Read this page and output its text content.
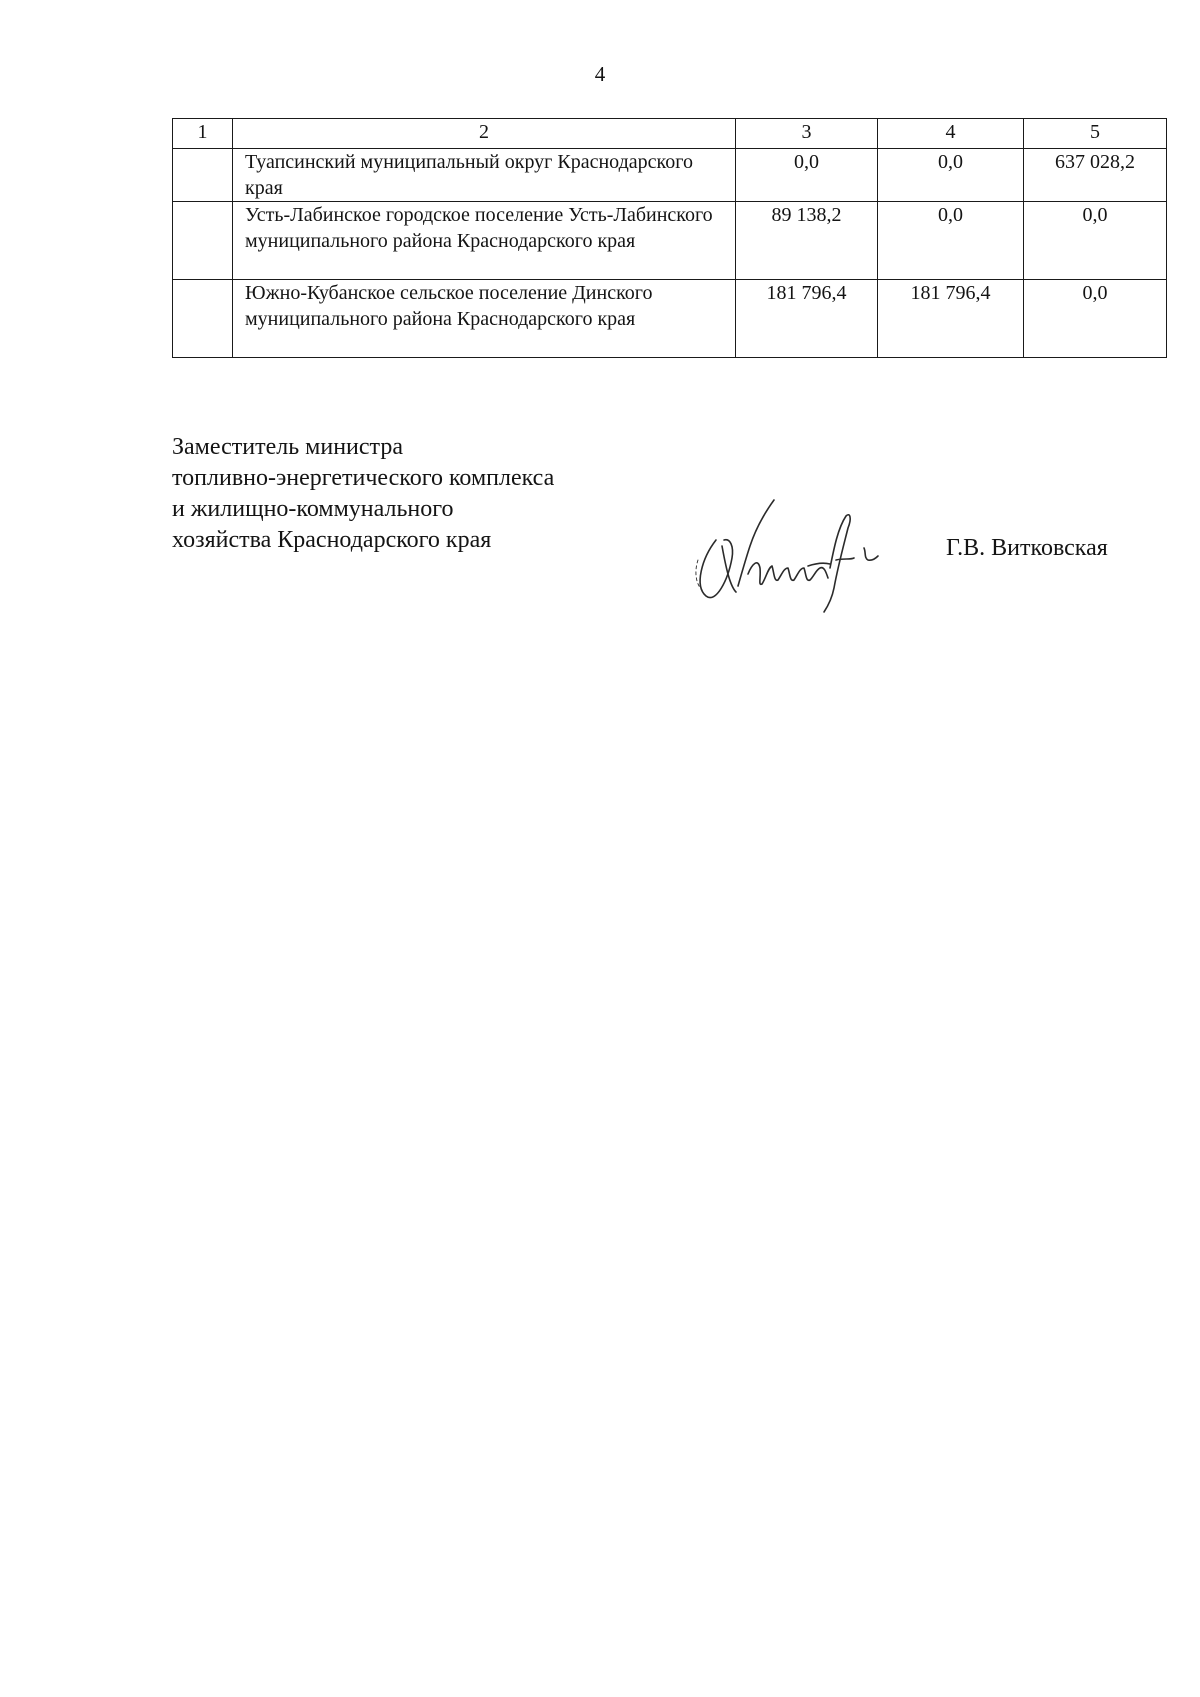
4
1	2	3	4	5
	Туапсинский муниципальный округ Краснодарского края	0,0	0,0	637 028,2
	Усть-Лабинское городское поселение Усть-Лабинского муниципального района Краснодарского края	89 138,2	0,0	0,0
	Южно-Кубанское сельское поселение Динского муниципального района Краснодарского края	181 796,4	181 796,4	0,0
Заместитель министра
топливно-энергетического комплекса
и жилищно-коммунального
хозяйства Краснодарского края	Г.В. Витковская
